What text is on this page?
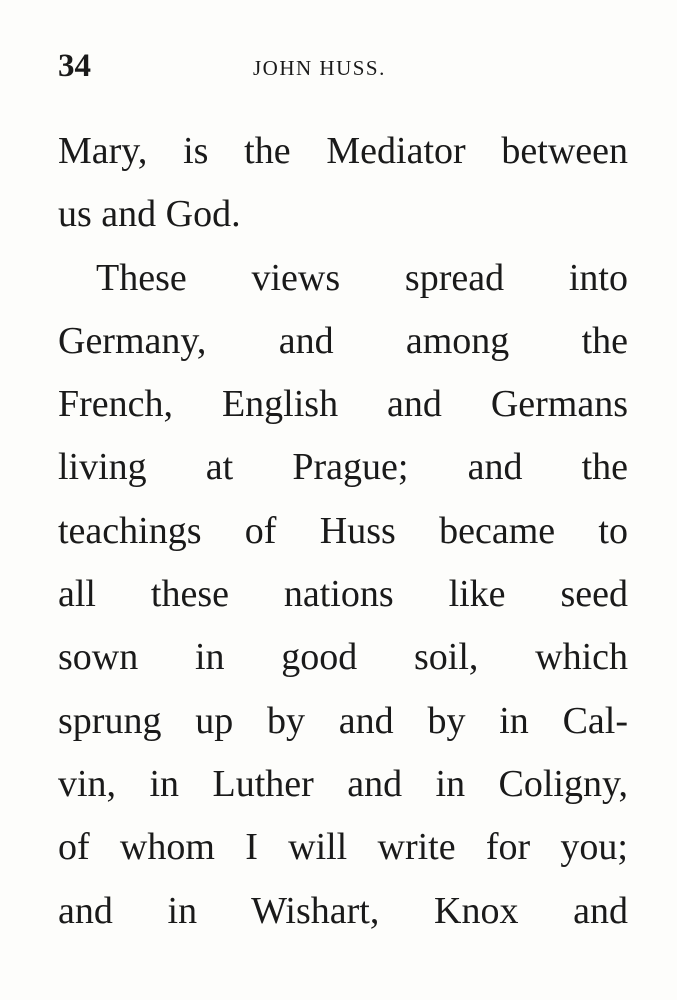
34	JOHN HUSS.
Mary, is the Mediator between
us and God.
These views spread into
Germany, and among the
French, English and Germans
living at Prague; and the
teachings of Huss became to
all these nations like seed
sown in good soil, which
sprung up by and by in Cal-
vin, in Luther and in Coligny,
of whom I will write for you;
and in Wishart, Knox and
